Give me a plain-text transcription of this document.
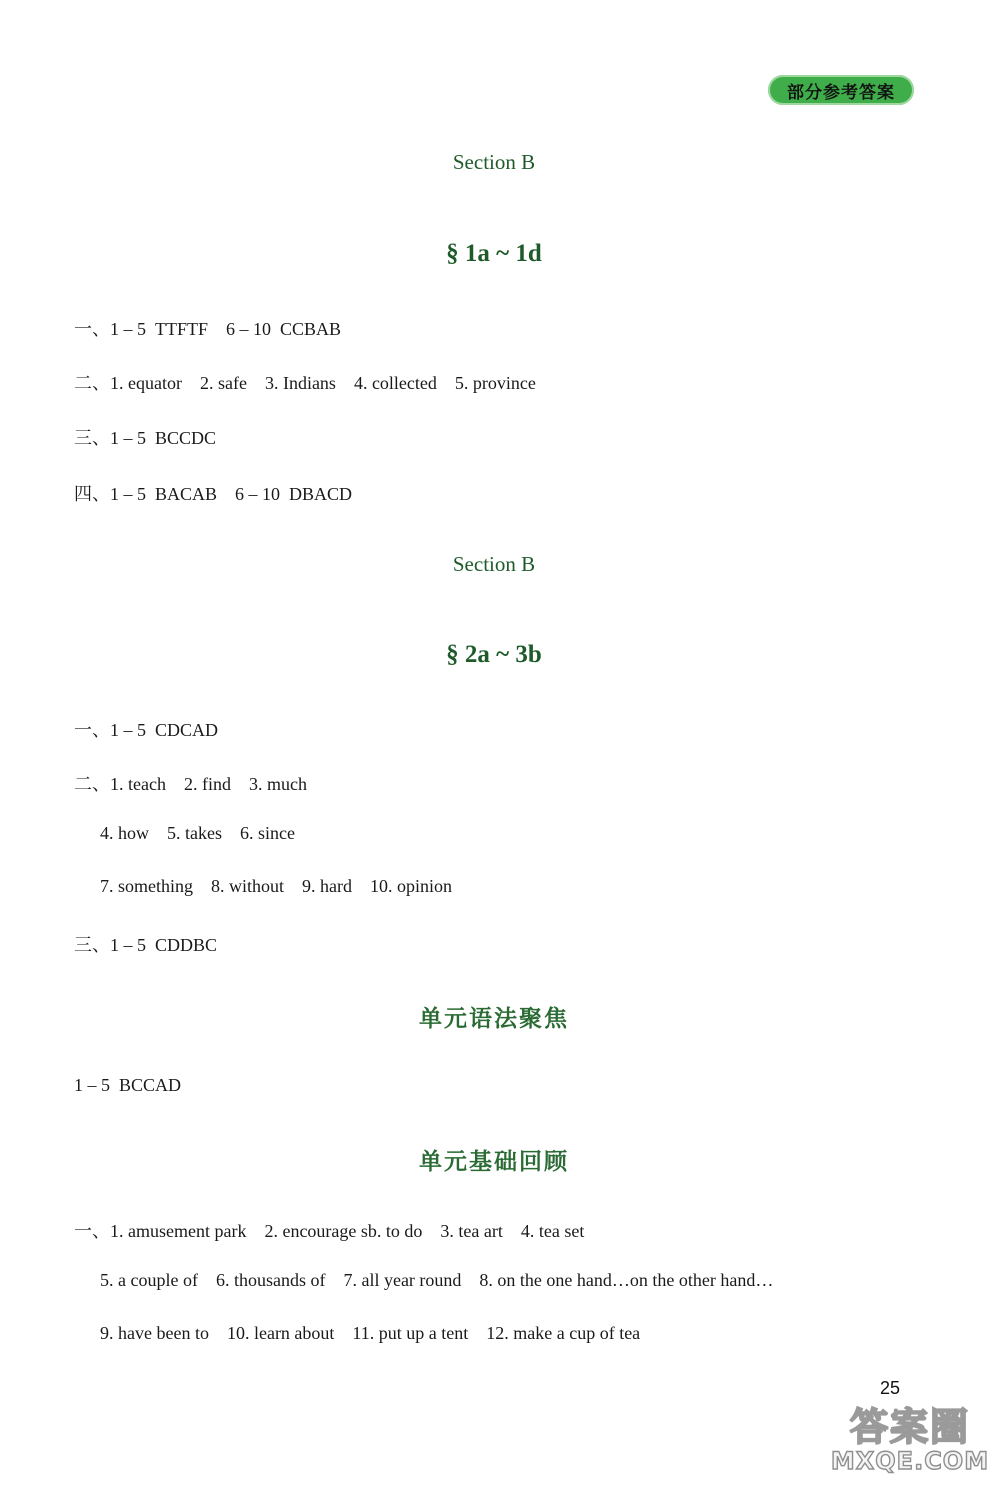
部分参考答案
Section B
§ 1a ~ 1d
一、1 – 5  TTFTF    6 – 10  CCBAB
二、1. equator    2. safe    3. Indians    4. collected    5. province
三、1 – 5  BCCDC
四、1 – 5  BACAB    6 – 10  DBACD
Section B
§ 2a ~ 3b
一、1 – 5  CDCAD
二、1. teach    2. find    3. much
4. how    5. takes    6. since
7. something    8. without    9. hard    10. opinion
三、1 – 5  CDDBC
单元语法聚焦
1 – 5  BCCAD
单元基础回顾
一、1. amusement park    2. encourage sb. to do    3. tea art    4. tea set
5. a couple of    6. thousands of    7. all year round    8. on the one hand…on the other hand…
9. have been to    10. learn about    11. put up a tent    12. make a cup of tea
25
答案圈
MXQE.COM
